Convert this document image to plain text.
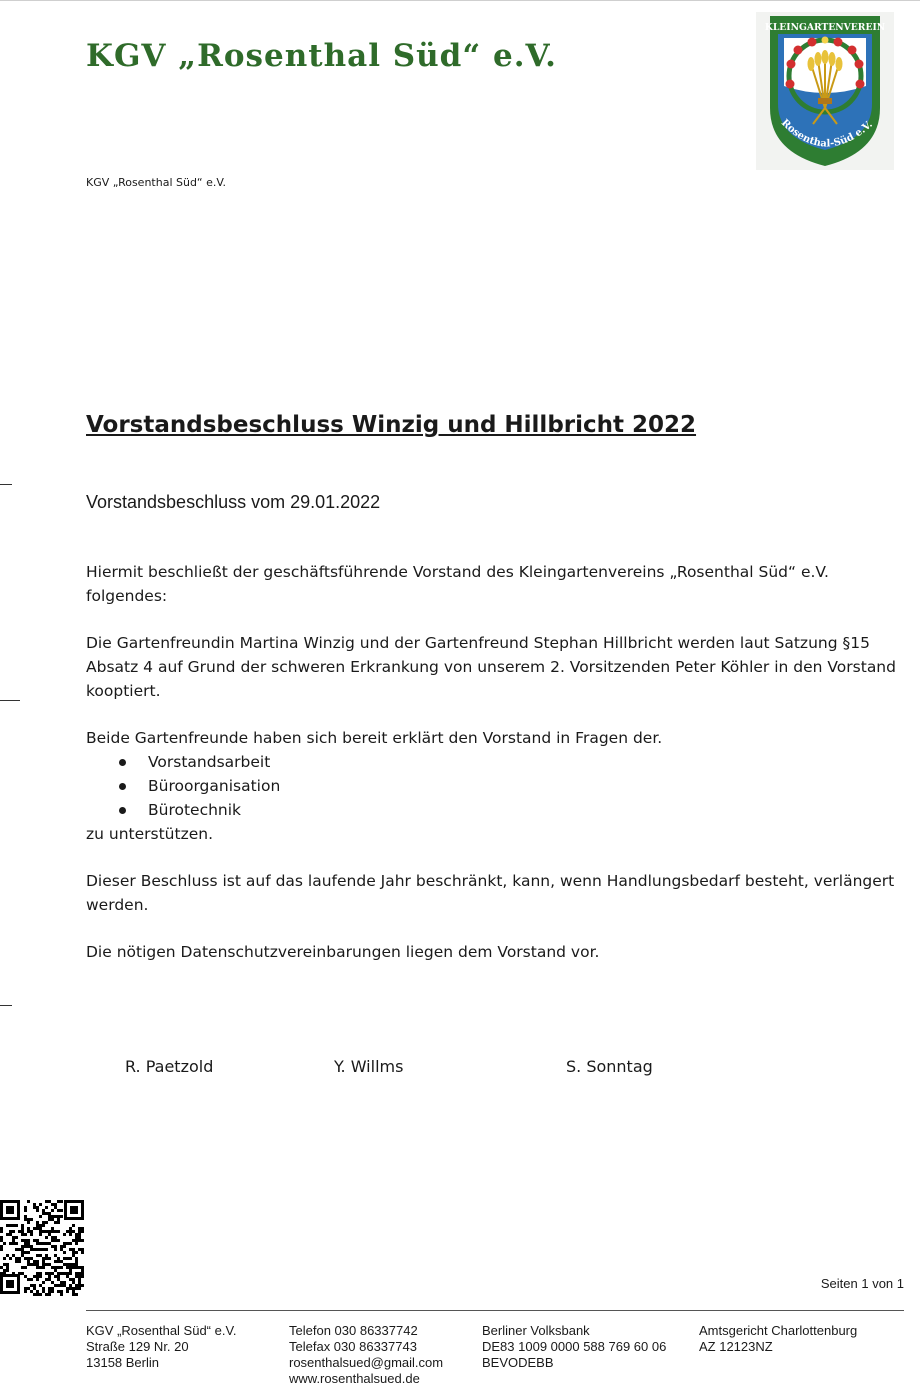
KGV „Rosenthal Süd“ e.V.
KGV „Rosenthal Süd“ e.V.
KLEINGARTENVEREIN
Rosenthal-Süd e.V.
Vorstandsbeschluss Winzig und Hillbricht 2022
Vorstandsbeschluss vom 29.01.2022

Hiermit beschließt der geschäftsführende Vorstand des Kleingartenvereins „Rosenthal Süd“ e.V. folgendes:

Die Gartenfreundin Martina Winzig und der Gartenfreund Stephan Hillbricht werden laut Satzung §15 Absatz 4 auf Grund der schweren Erkrankung von unserem 2. Vorsitzenden Peter Köhler in den Vorstand kooptiert.

Beide Gartenfreunde haben sich bereit erklärt den Vorstand in Fragen der.

Vorstandsarbeit
Büroorganisation
Bürotechnik

zu unterstützen.

Dieser Beschluss ist auf das laufende Jahr beschränkt, kann, wenn Handlungsbedarf besteht, verlängert werden.

Die nötigen Datenschutzvereinbarungen liegen dem Vorstand vor.

R. Paetzold	Y. Willms	S. Sonntag
Seiten 1 von 1
KGV „Rosenthal Süd“ e.V.
Straße 129 Nr. 20
13158 Berlin
Telefon 030 86337742
Telefax 030 86337743
rosenthalsued@gmail.com
www.rosenthalsued.de
Berliner Volksbank
DE83 1009 0000 588 769 60 06
BEVODEBB
Amtsgericht Charlottenburg
AZ 12123NZ
